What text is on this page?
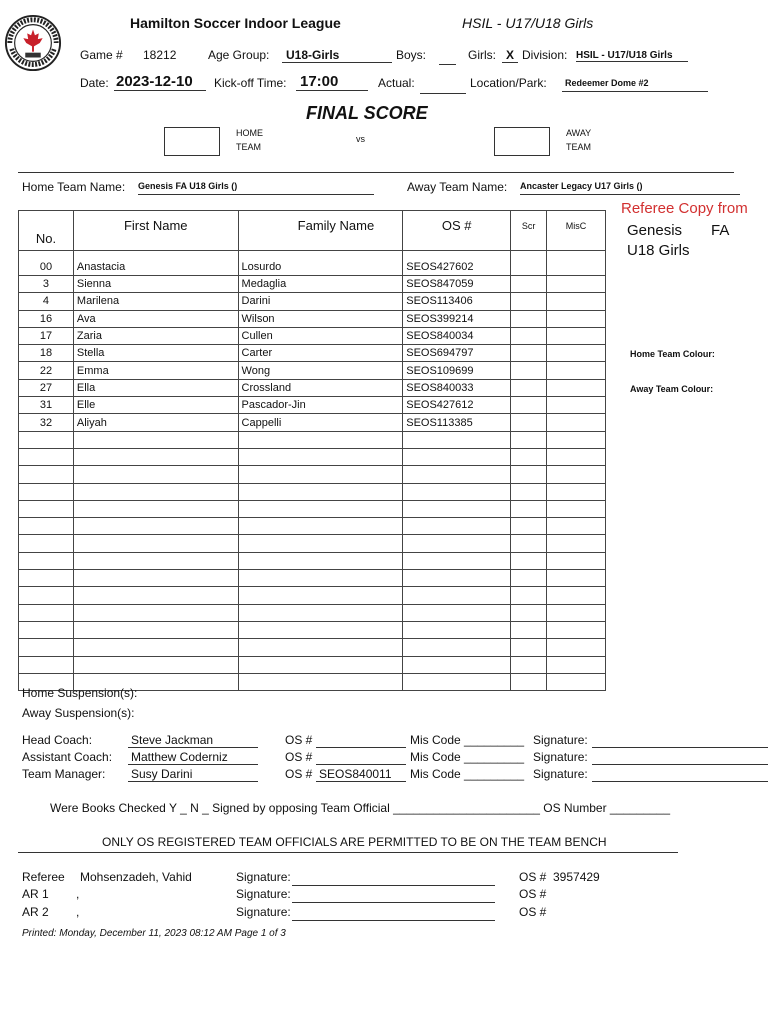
Hamilton Soccer Indoor League	HSIL - U17/U18 Girls
Game # 18212	Age Group:	U18-Girls	Boys:	Girls: X Division: HSIL - U17/U18 Girls
Date: 2023-12-10	Kick-off Time: 17:00	Actual:	Location/Park:	Redeemer Dome #2
FINAL SCORE
HOME
TEAM
vs
AWAY
TEAM
Home Team Name: Genesis FA U18 Girls ()	Away Team Name: Ancaster Legacy U17 Girls ()
No.	First Name	Family Name	OS #	Scr	MisC
00	Anastacia	Losurdo	SEOS427602		
3	Sienna	Medaglia	SEOS847059		
4	Marilena	Darini	SEOS113406		
16	Ava	Wilson	SEOS399214		
17	Zaria	Cullen	SEOS840034		
18	Stella	Carter	SEOS694797		
22	Emma	Wong	SEOS109699		
27	Ella	Crossland	SEOS840033		
31	Elle	Pascador-Jin	SEOS427612		
32	Aliyah	Cappelli	SEOS113385		

Referee Copy from
Genesis FA
U18 Girls
Home Team Colour:
Away Team Colour:
Home Suspension(s):
Away Suspension(s):
Head Coach:	Steve Jackman	OS #	Mis Code _________ Signature:
Assistant Coach: Matthew Coderniz	OS #	Mis Code _________ Signature:
Team Manager: Susy Darini	OS # SEOS840011	Mis Code _________ Signature:
Were Books Checked Y _ N _ Signed by opposing Team Official ______________________ OS Number _________
ONLY OS REGISTERED TEAM OFFICIALS ARE PERMITTED TO BE ON THE TEAM BENCH
Referee Mohsenzadeh, Vahid	Signature:	OS # 3957429
AR 1 ,	Signature:	OS #
AR 2 ,	Signature:	OS #
Printed: Monday, December 11, 2023 08:12 AM Page 1 of 3
